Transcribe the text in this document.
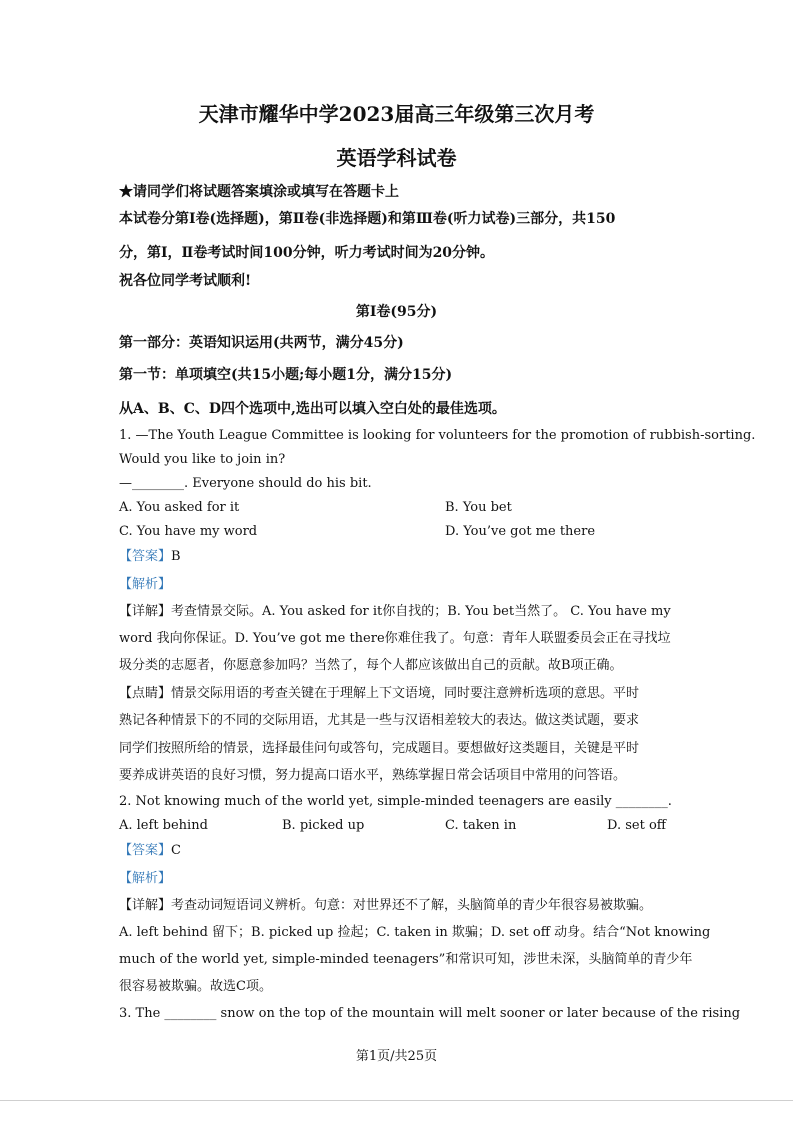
天津市耀华中学2023届高三年级第三次月考
英语学科试卷
★请同学们将试题答案填涂或填写在答题卡上
本试卷分第Ⅰ卷(选择题)，第Ⅱ卷(非选择题)和第Ⅲ卷(听力试卷)三部分，共150
分，第Ⅰ，Ⅱ卷考试时间100分钟，听力考试时间为20分钟。
祝各位同学考试顺利!
第Ⅰ卷(95分)
第一部分：英语知识运用(共两节，满分45分)
第一节：单项填空(共15小题;每小题1分，满分15分)
从A、B、C、D四个选项中,选出可以填入空白处的最佳选项。
1. —The Youth League Committee is looking for volunteers for the promotion of rubbish-sorting.
Would you like to join in?
—________. Everyone should do his bit.
A. You asked for it	B. You bet
C. You have my word	D. You’ve got me there
【答案】B
【解析】
【详解】考查情景交际。A. You asked for it你自找的；B. You bet当然了。 C. You have my
word 我向你保证。D. You’ve got me there你难住我了。句意：青年人联盟委员会正在寻找垃
圾分类的志愿者，你愿意参加吗？当然了，每个人都应该做出自己的贡献。故B项正确。
【点睛】情景交际用语的考查关键在于理解上下文语境，同时要注意辨析选项的意思。平时
熟记各种情景下的不同的交际用语，尤其是一些与汉语相差较大的表达。做这类试题，要求
同学们按照所给的情景，选择最佳问句或答句，完成题目。要想做好这类题目，关键是平时
要养成讲英语的良好习惯，努力提高口语水平，熟练掌握日常会话项目中常用的问答语。
2. Not knowing much of the world yet, simple-minded teenagers are easily ________.
A. left behind	B. picked up	C. taken in	D. set off
【答案】C
【解析】
【详解】考查动词短语词义辨析。句意：对世界还不了解，头脑简单的青少年很容易被欺骗。
A. left behind 留下；B. picked up 捡起；C. taken in 欺骗；D. set off 动身。结合“Not knowing
much of the world yet, simple-minded teenagers”和常识可知，涉世未深，头脑简单的青少年
很容易被欺骗。故选C项。
3. The ________ snow on the top of the mountain will melt sooner or later because of the rising
第1页/共25页
